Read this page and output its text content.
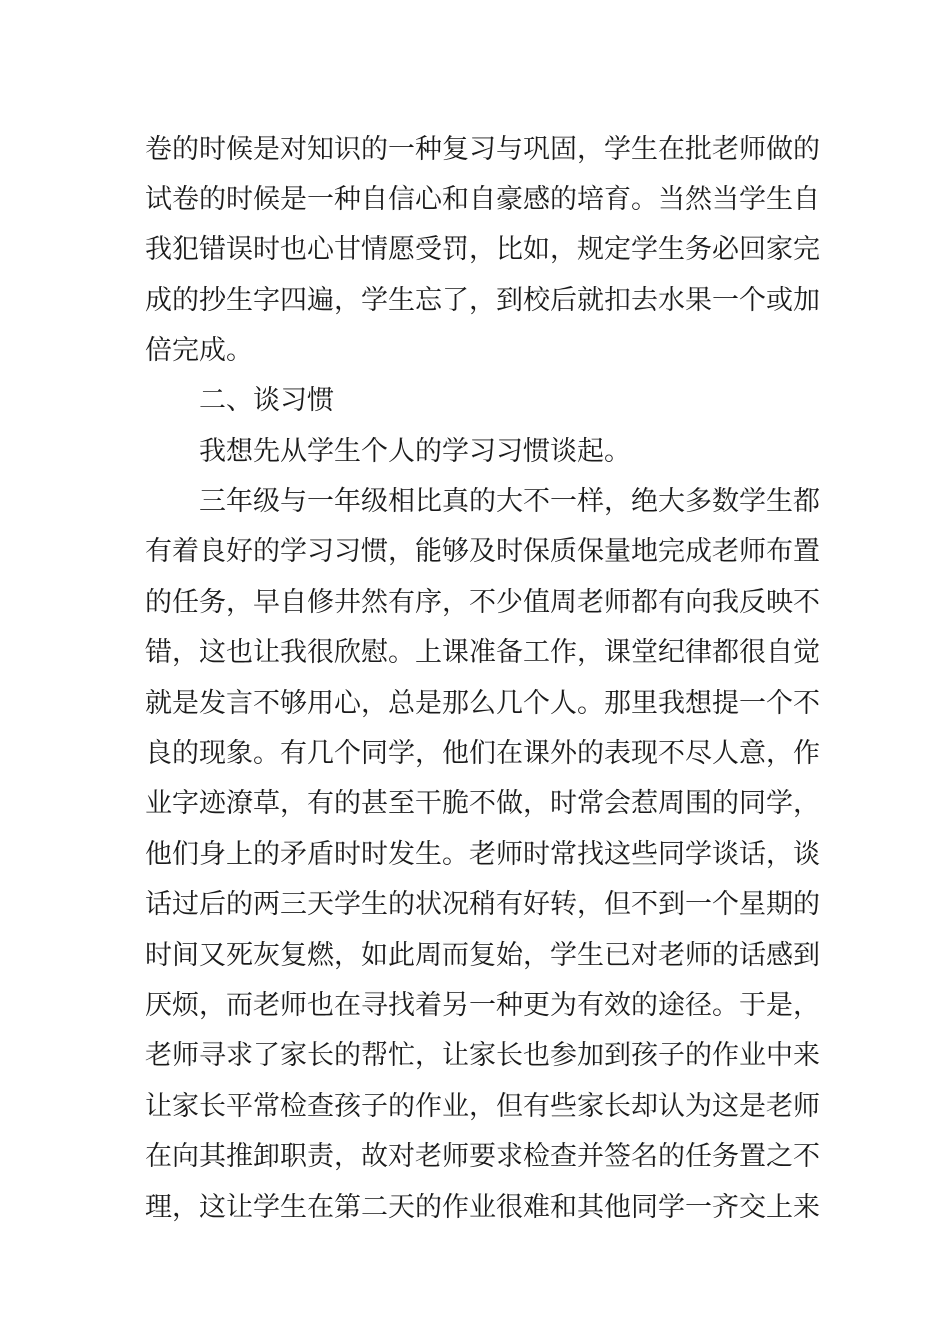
卷的时候是对知识的一种复习与巩固，学生在批老师做的
试卷的时候是一种自信心和自豪感的培育。当然当学生自
我犯错误时也心甘情愿受罚，比如，规定学生务必回家完
成的抄生字四遍，学生忘了，到校后就扣去水果一个或加
倍完成。
二、谈习惯
我想先从学生个人的学习习惯谈起。
三年级与一年级相比真的大不一样，绝大多数学生都
有着良好的学习习惯，能够及时保质保量地完成老师布置
的任务，早自修井然有序，不少值周老师都有向我反映不
错，这也让我很欣慰。上课准备工作，课堂纪律都很自觉
就是发言不够用心，总是那么几个人。那里我想提一个不
良的现象。有几个同学，他们在课外的表现不尽人意，作
业字迹潦草，有的甚至干脆不做，时常会惹周围的同学，
他们身上的矛盾时时发生。老师时常找这些同学谈话，谈
话过后的两三天学生的状况稍有好转，但不到一个星期的
时间又死灰复燃，如此周而复始，学生已对老师的话感到
厌烦，而老师也在寻找着另一种更为有效的途径。于是，
老师寻求了家长的帮忙，让家长也参加到孩子的作业中来
让家长平常检查孩子的作业，但有些家长却认为这是老师
在向其推卸职责，故对老师要求检查并签名的任务置之不
理，这让学生在第二天的作业很难和其他同学一齐交上来
